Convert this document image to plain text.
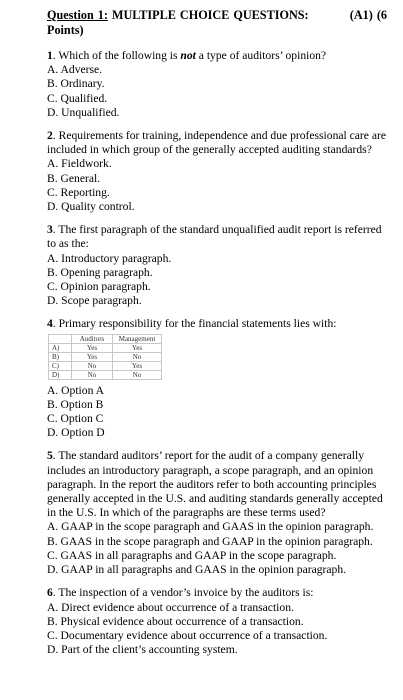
Question 1: MULTIPLE CHOICE QUESTIONS:	(A1) (6

Points)

1. Which of the following is not a type of auditors’ opinion?

A. Adverse.

B. Ordinary.

C. Qualified.

D. Unqualified.

2. Requirements for training, independence and due professional care are included in which group of the generally accepted auditing standards?

A. Fieldwork.

B. General.

C. Reporting.

D. Quality control.

3. The first paragraph of the standard unqualified audit report is referred to as the:

A. Introductory paragraph.

B. Opening paragraph.

C. Opinion paragraph.

D. Scope paragraph.

4. Primary responsibility for the financial statements lies with:

	Auditors	Management
A)	Yes	Yes
B)	Yes	No
C)	No	Yes
D)	No	No

A. Option A

B. Option B

C. Option C

D. Option D

5. The standard auditors’ report for the audit of a company generally includes an introductory paragraph, a scope paragraph, and an opinion paragraph. In the report the auditors refer to both accounting principles generally accepted in the U.S. and auditing standards generally accepted in the U.S. In which of the paragraphs are these terms used?

A. GAAP in the scope paragraph and GAAS in the opinion paragraph.

B. GAAS in the scope paragraph and GAAP in the opinion paragraph.

C. GAAS in all paragraphs and GAAP in the scope paragraph.

D. GAAP in all paragraphs and GAAS in the opinion paragraph.

6. The inspection of a vendor’s invoice by the auditors is:

A. Direct evidence about occurrence of a transaction.

B. Physical evidence about occurrence of a transaction.

C. Documentary evidence about occurrence of a transaction.

D. Part of the client’s accounting system.
